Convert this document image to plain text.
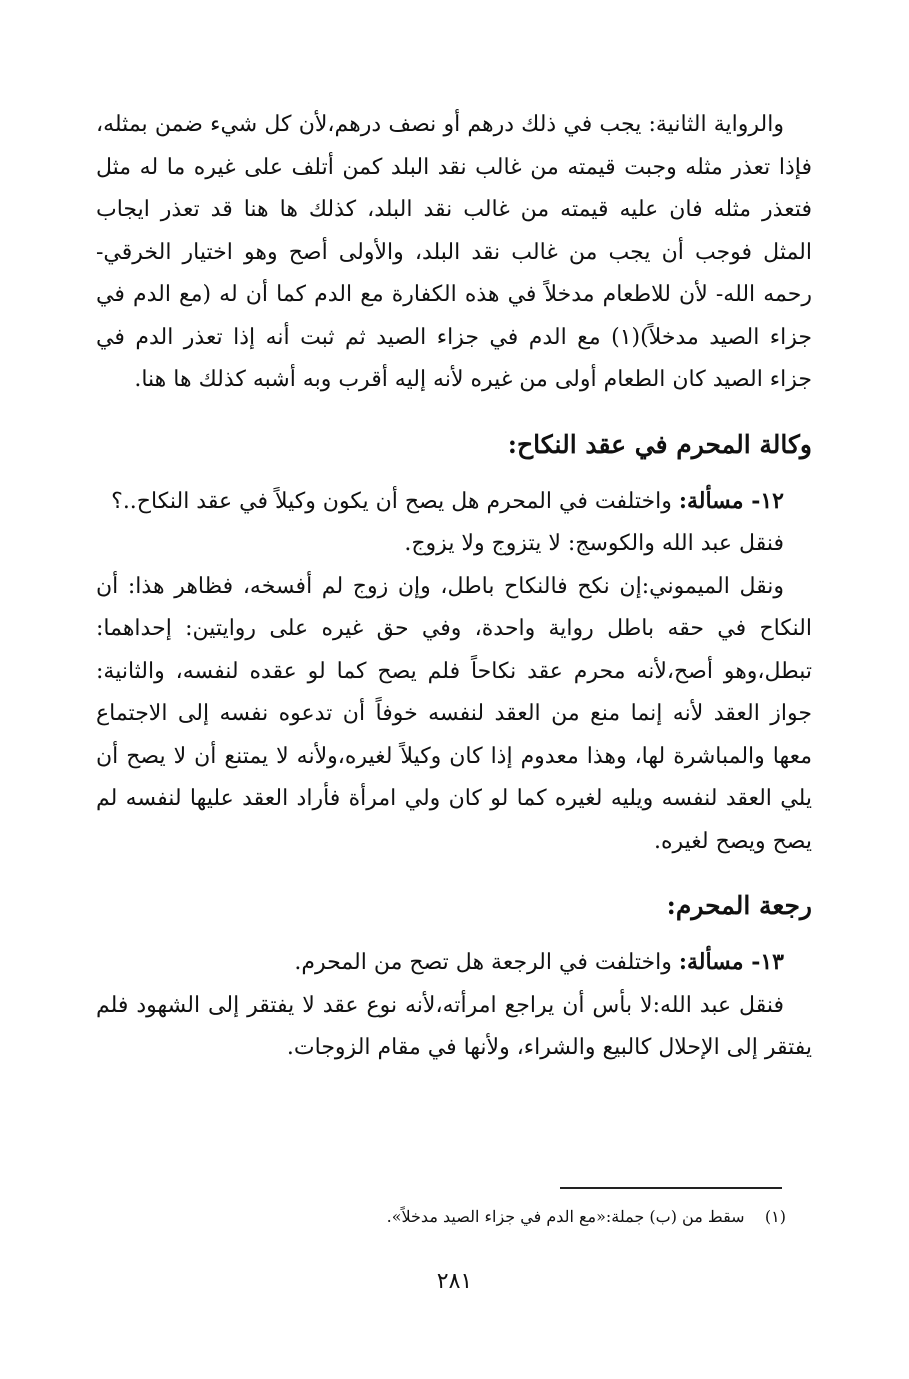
والرواية الثانية: يجب في ذلك درهم أو نصف درهم،لأن كل شيء ضمن بمثله، فإذا تعذر مثله وجبت قيمته من غالب نقد البلد كمن أتلف على غيره ما له مثل فتعذر مثله فان عليه قيمته من غالب نقد البلد، كذلك ها هنا قد تعذر ايجاب المثل فوجب أن يجب من غالب نقد البلد، والأولى أصح وهو اختيار الخرقي- رحمه الله- لأن للاطعام مدخلاً في هذه الكفارة مع الدم كما أن له (مع الدم في جزاء الصيد مدخلاً)(١) مع الدم في جزاء الصيد ثم ثبت أنه إذا تعذر الدم في جزاء الصيد كان الطعام أولى من غيره لأنه إليه أقرب وبه أشبه كذلك ها هنا.

وكالة المحرم في عقد النكاح:

١٢- مسألة: واختلفت في المحرم هل يصح أن يكون وكيلاً في عقد النكاح..؟

فنقل عبد الله والكوسج: لا يتزوج ولا يزوج.

ونقل الميموني:إن نكح فالنكاح باطل، وإن زوج لم أفسخه، فظاهر هذا: أن النكاح في حقه باطل رواية واحدة، وفي حق غيره على روايتين: إحداهما: تبطل،وهو أصح،لأنه محرم عقد نكاحاً فلم يصح كما لو عقده لنفسه، والثانية: جواز العقد لأنه إنما منع من العقد لنفسه خوفاً أن تدعوه نفسه إلى الاجتماع معها والمباشرة لها، وهذا معدوم إذا كان وكيلاً لغيره،ولأنه لا يمتنع أن لا يصح أن يلي العقد لنفسه ويليه لغيره كما لو كان ولي امرأة فأراد العقد عليها لنفسه لم يصح ويصح لغيره.

رجعة المحرم:

١٣- مسألة: واختلفت في الرجعة هل تصح من المحرم.

فنقل عبد الله:لا بأس أن يراجع امرأته،لأنه نوع عقد لا يفتقر إلى الشهود فلم يفتقر إلى الإحلال كالبيع والشراء، ولأنها في مقام الزوجات.

(١)    سقط من (ب) جملة:«مع الدم في جزاء الصيد مدخلاً».
٢٨١
